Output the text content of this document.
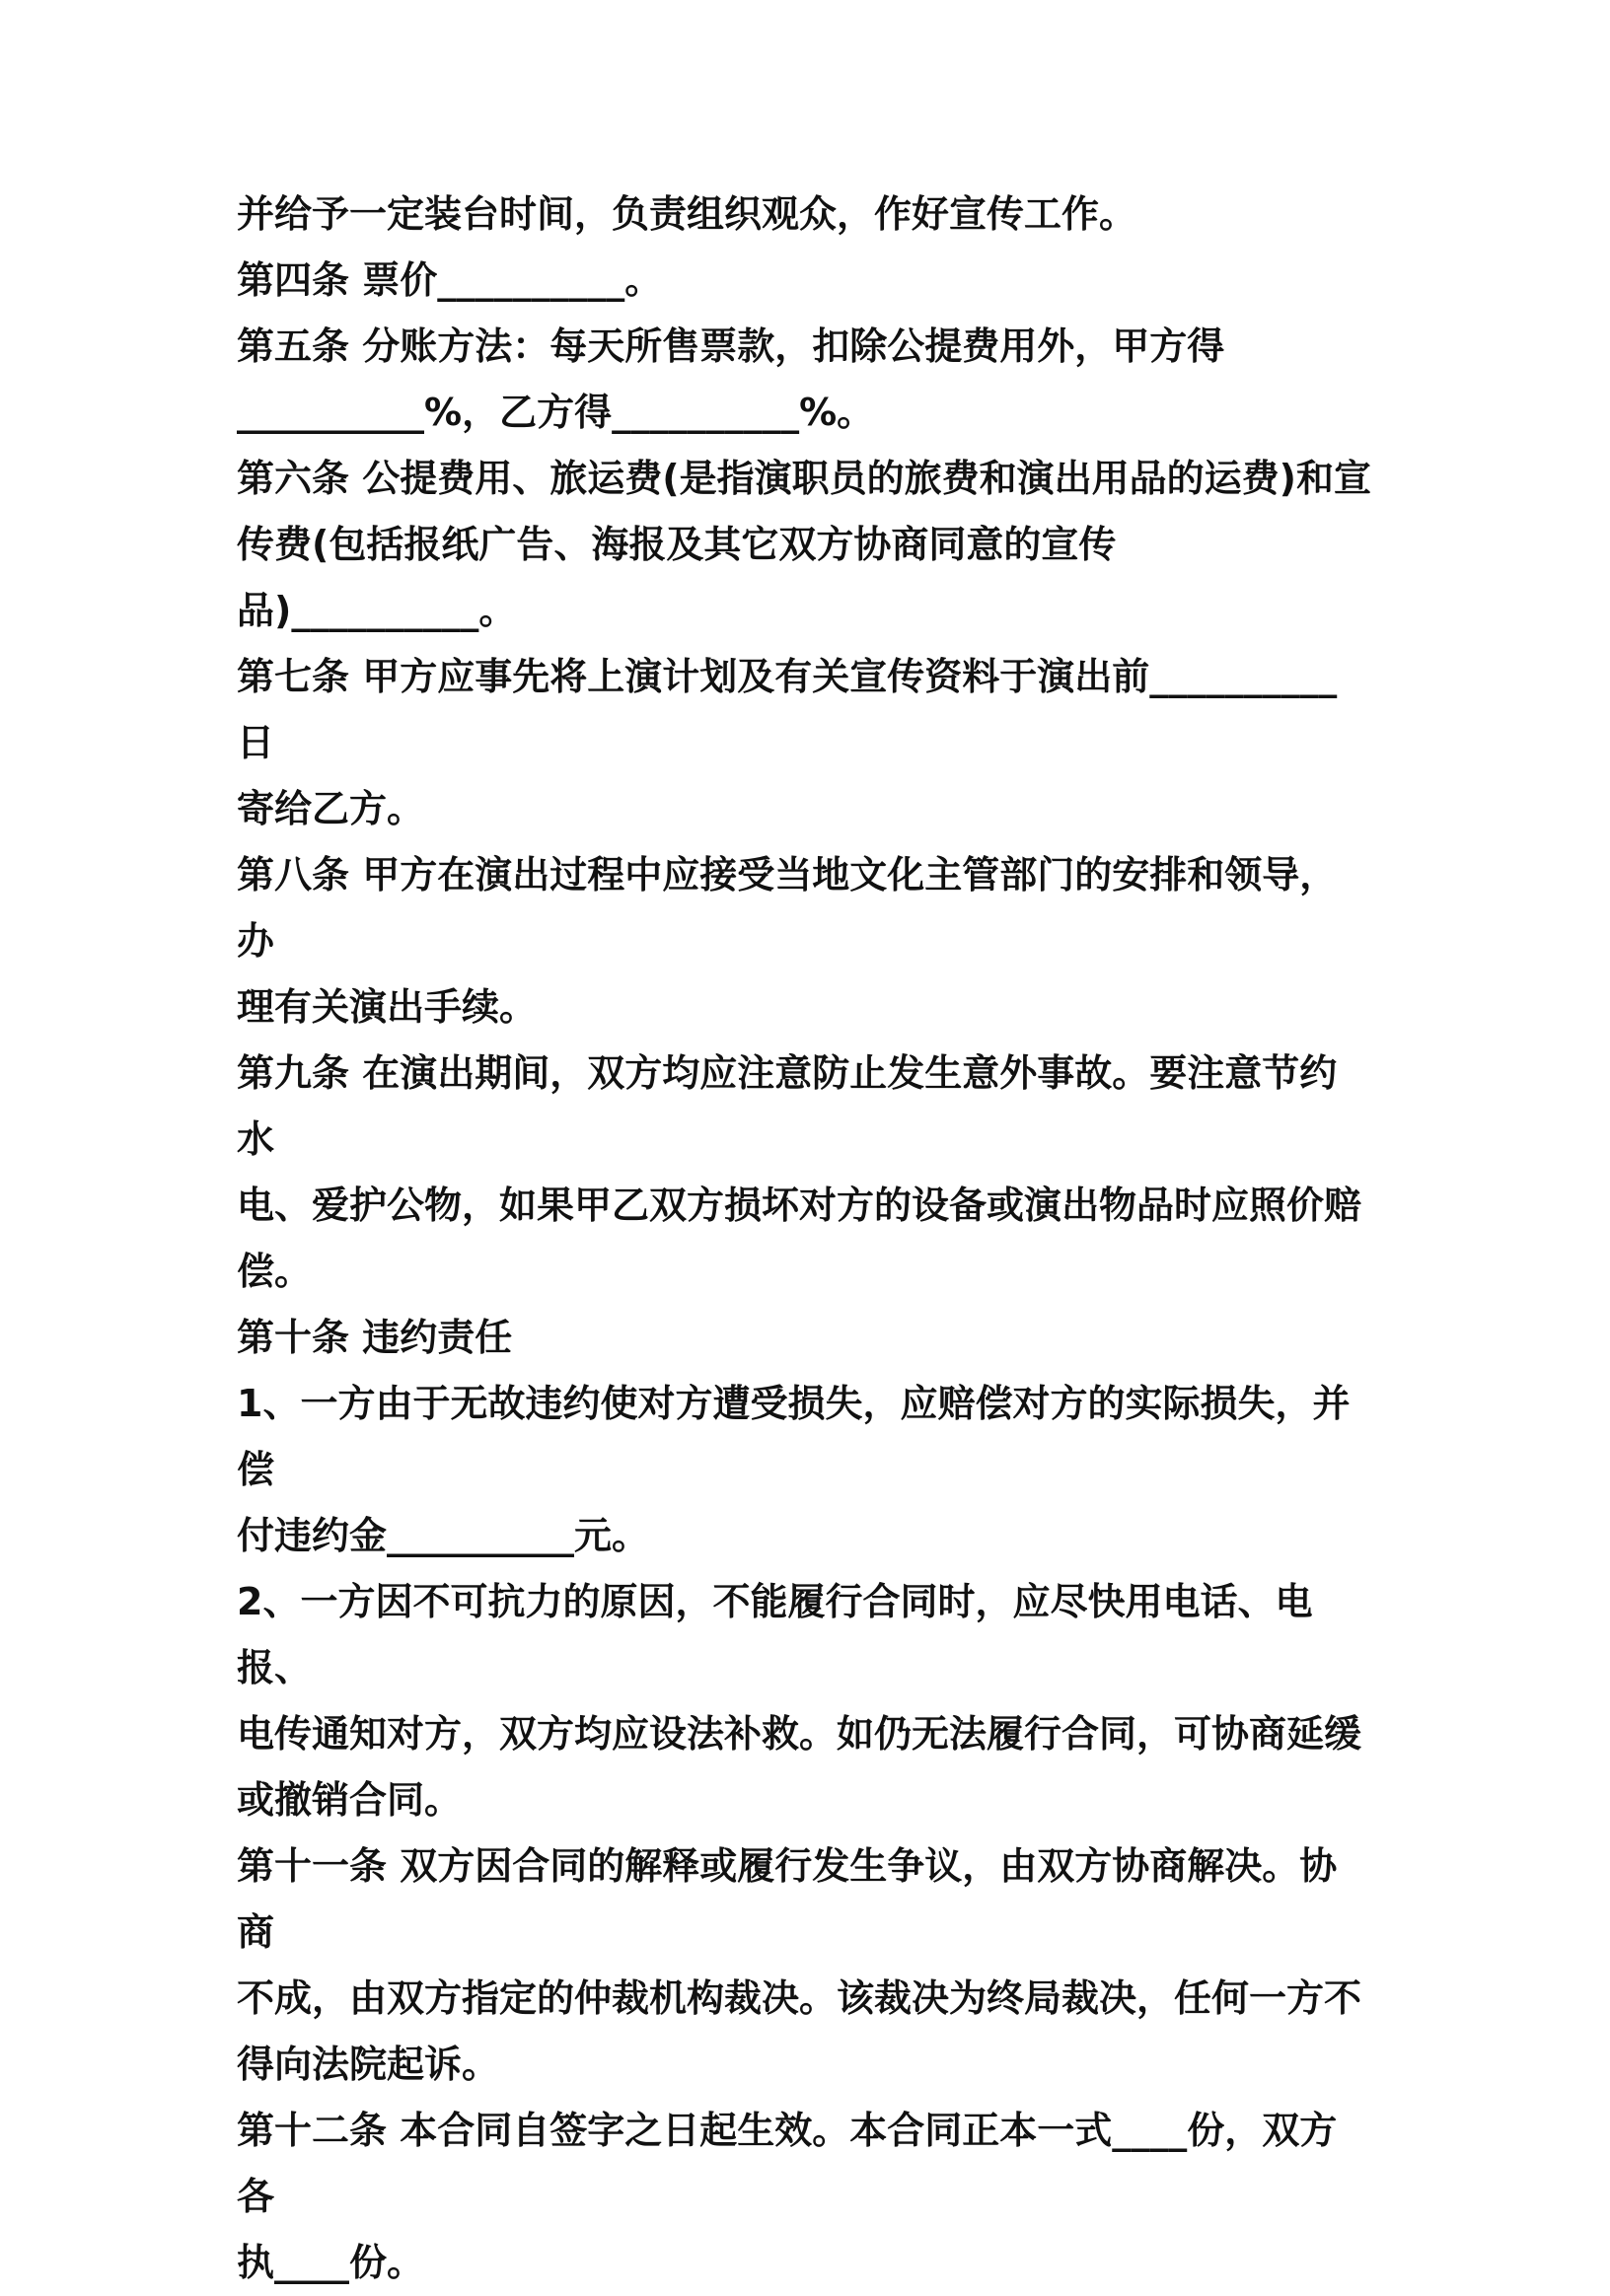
并给予一定装台时间，负责组织观众，作好宣传工作。

第四条 票价__________。

第五条 分账方法：每天所售票款，扣除公提费用外，甲方得
__________%，乙方得__________%。

第六条 公提费用、旅运费(是指演职员的旅费和演出用品的运费)和宣
传费(包括报纸广告、海报及其它双方协商同意的宣传品)__________。

第七条 甲方应事先将上演计划及有关宣传资料于演出前__________日
寄给乙方。

第八条 甲方在演出过程中应接受当地文化主管部门的安排和领导，办
理有关演出手续。

第九条 在演出期间，双方均应注意防止发生意外事故。要注意节约水
电、爱护公物，如果甲乙双方损坏对方的设备或演出物品时应照价赔
偿。

第十条 违约责任

1、一方由于无故违约使对方遭受损失，应赔偿对方的实际损失，并偿
付违约金__________元。

2、一方因不可抗力的原因，不能履行合同时，应尽快用电话、电报、
电传通知对方，双方均应设法补救。如仍无法履行合同，可协商延缓
或撤销合同。

第十一条 双方因合同的解释或履行发生争议，由双方协商解决。协商
不成，由双方指定的仲裁机构裁决。该裁决为终局裁决，任何一方不
得向法院起诉。

第十二条 本合同自签字之日起生效。本合同正本一式____份，双方各
执____份。
